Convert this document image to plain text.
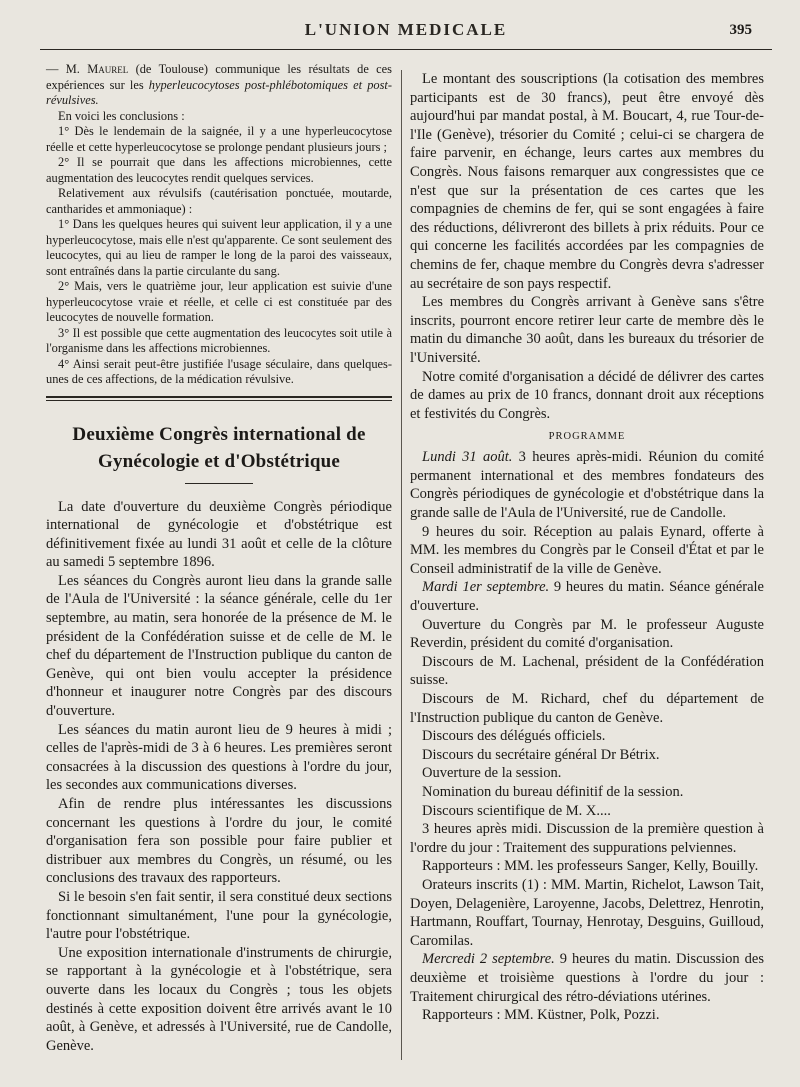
L'UNION MEDICALE	395

— M. Maurel (de Toulouse) communique les résultats de ces expériences sur les hyperleucocytoses post-phlébotomiques et post-révulsives.

En voici les conclusions :

1° Dès le lendemain de la saignée, il y a une hyperleucocytose réelle et cette hyperleucocytose se prolonge pendant plusieurs jours ;

2° Il se pourrait que dans les affections microbiennes, cette augmentation des leucocytes rendit quelques services.

Relativement aux révulsifs (cautérisation ponctuée, moutarde, cantharides et ammoniaque) :

1° Dans les quelques heures qui suivent leur application, il y a une hyperleucocytose, mais elle n'est qu'apparente. Ce sont seulement des leucocytes, qui au lieu de ramper le long de la paroi des vaisseaux, sont entraînés dans la partie circulante du sang.

2° Mais, vers le quatrième jour, leur application est suivie d'une hyperleucocytose vraie et réelle, et celle ci est constituée par des leucocytes de nouvelle formation.

3° Il est possible que cette augmentation des leucocytes soit utile à l'organisme dans les affections microbiennes.

4° Ainsi serait peut-être justifiée l'usage séculaire, dans quelques-unes de ces affections, de la médication révulsive.

Deuxième Congrès international de Gynécologie et d'Obstétrique

La date d'ouverture du deuxième Congrès périodique international de gynécologie et d'obstétrique est définitivement fixée au lundi 31 août et celle de la clôture au samedi 5 septembre 1896.

Les séances du Congrès auront lieu dans la grande salle de l'Aula de l'Université : la séance générale, celle du 1er septembre, au matin, sera honorée de la présence de M. le président de la Confédération suisse et de celle de M. le chef du département de l'Instruction publique du canton de Genève, qui ont bien voulu accepter la présidence d'honneur et inaugurer notre Congrès par des discours d'ouverture.

Les séances du matin auront lieu de 9 heures à midi ; celles de l'après-midi de 3 à 6 heures. Les premières seront consacrées à la discussion des questions à l'ordre du jour, les secondes aux communications diverses.

Afin de rendre plus intéressantes les discussions concernant les questions à l'ordre du jour, le comité d'organisation fera son possible pour faire publier et distribuer aux membres du Congrès, un résumé, ou les conclusions des travaux des rapporteurs.

Si le besoin s'en fait sentir, il sera constitué deux sections fonctionnant simultanément, l'une pour la gynécologie, l'autre pour l'obstétrique.

Une exposition internationale d'instruments de chirurgie, se rapportant à la gynécologie et à l'obstétrique, sera ouverte dans les locaux du Congrès ; tous les objets destinés à cette exposition doivent être arrivés avant le 10 août, à Genève, et adressés à l'Université, rue de Candolle, Genève.

Le montant des souscriptions (la cotisation des membres participants est de 30 francs), peut être envoyé dès aujourd'hui par mandat postal, à M. Boucart, 4, rue Tour-de-l'Ile (Genève), trésorier du Comité ; celui-ci se chargera de faire parvenir, en échange, leurs cartes aux membres du Congrès. Nous faisons remarquer aux congressistes que ce n'est que sur la présentation de ces cartes que les compagnies de chemins de fer, qui se sont engagées à faire des réductions, délivreront des billets à prix réduits. Pour ce qui concerne les facilités accordées par les compagnies de chemins de fer, chaque membre du Congrès devra s'adresser au secrétaire de son pays respectif.

Les membres du Congrès arrivant à Genève sans s'être inscrits, pourront encore retirer leur carte de membre dès le matin du dimanche 30 août, dans les bureaux du trésorier de l'Université.

Notre comité d'organisation a décidé de délivrer des cartes de dames au prix de 10 francs, donnant droit aux réceptions et festivités du Congrès.

PROGRAMME

Lundi 31 août. 3 heures après-midi. Réunion du comité permanent international et des membres fondateurs des Congrès périodiques de gynécologie et d'obstétrique dans la grande salle de l'Aula de l'Université, rue de Candolle.

9 heures du soir. Réception au palais Eynard, offerte à MM. les membres du Congrès par le Conseil d'État et par le Conseil administratif de la ville de Genève.

Mardi 1er septembre. 9 heures du matin. Séance générale d'ouverture.

Ouverture du Congrès par M. le professeur Auguste Reverdin, président du comité d'organisation.

Discours de M. Lachenal, président de la Confédération suisse.

Discours de M. Richard, chef du département de l'Instruction publique du canton de Genève.

Discours des délégués officiels.

Discours du secrétaire général Dr Bétrix.

Ouverture de la session.

Nomination du bureau définitif de la session.

Discours scientifique de M. X....

3 heures après midi. Discussion de la première question à l'ordre du jour : Traitement des suppurations pelviennes.

Rapporteurs : MM. les professeurs Sanger, Kelly, Bouilly.

Orateurs inscrits (1) : MM. Martin, Richelot, Lawson Tait, Doyen, Delagenière, Laroyenne, Jacobs, Delettrez, Henrotin, Hartmann, Rouffart, Tournay, Henrotay, Desguins, Guilloud, Caromilas.

Mercredi 2 septembre. 9 heures du matin. Discussion des deuxième et troisième questions à l'ordre du jour : Traitement chirurgical des rétro-déviations utérines.

Rapporteurs : MM. Küstner, Polk, Pozzi.
